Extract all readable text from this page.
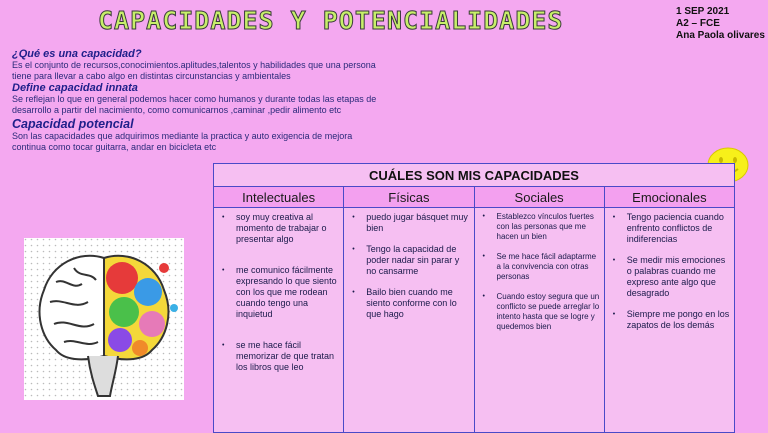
CAPACIDADES Y POTENCIALIDADES	1 SEP 2021
A2 – FCE
Ana Paola olivares
¿Qué es una capacidad?
Es el conjunto de recursos,conocimientos.aplitudes,talentos y habilidades que una persona tiene para llevar a cabo algo en distintas circunstancias y ambientales
Define capacidad innata
Se reflejan lo que en general podemos hacer como humanos y durante todas las etapas de desarrollo a partir del nacimiento, como comunicarnos ,caminar ,pedir alimento etc
Capacidad potencial
Son las capacidades que adquirimos mediante la practica y auto exigencia de mejora continua como tocar guitarra, andar en bicicleta etc
CUÁLES SON MIS CAPACIDADES
Intelectuales
• soy muy creativa al momento de trabajar o presentar algo
• me comunico fácilmente expresando lo que siento con los que me rodean cuando tengo una inquietud
• se me hace fácil memorizar de que tratan los libros que leo
Físicas
• puedo jugar básquet muy bien
• Tengo la capacidad de poder nadar sin parar y no cansarme
• Bailo bien cuando me siento conforme con lo que hago
Sociales
• Establezco vínculos fuertes con las personas que me hacen un bien
• Se me hace fácil adaptarme a la convivencia con otras personas
• Cuando estoy segura que un conflicto se puede arreglar lo intento hasta que se logre y quedemos bien
Emocionales
• Tengo paciencia cuando enfrento conflictos de indiferencias
• Se medir mis emociones o palabras cuando me expreso ante algo que desagrado
• Siempre me pongo en los zapatos de los demás
